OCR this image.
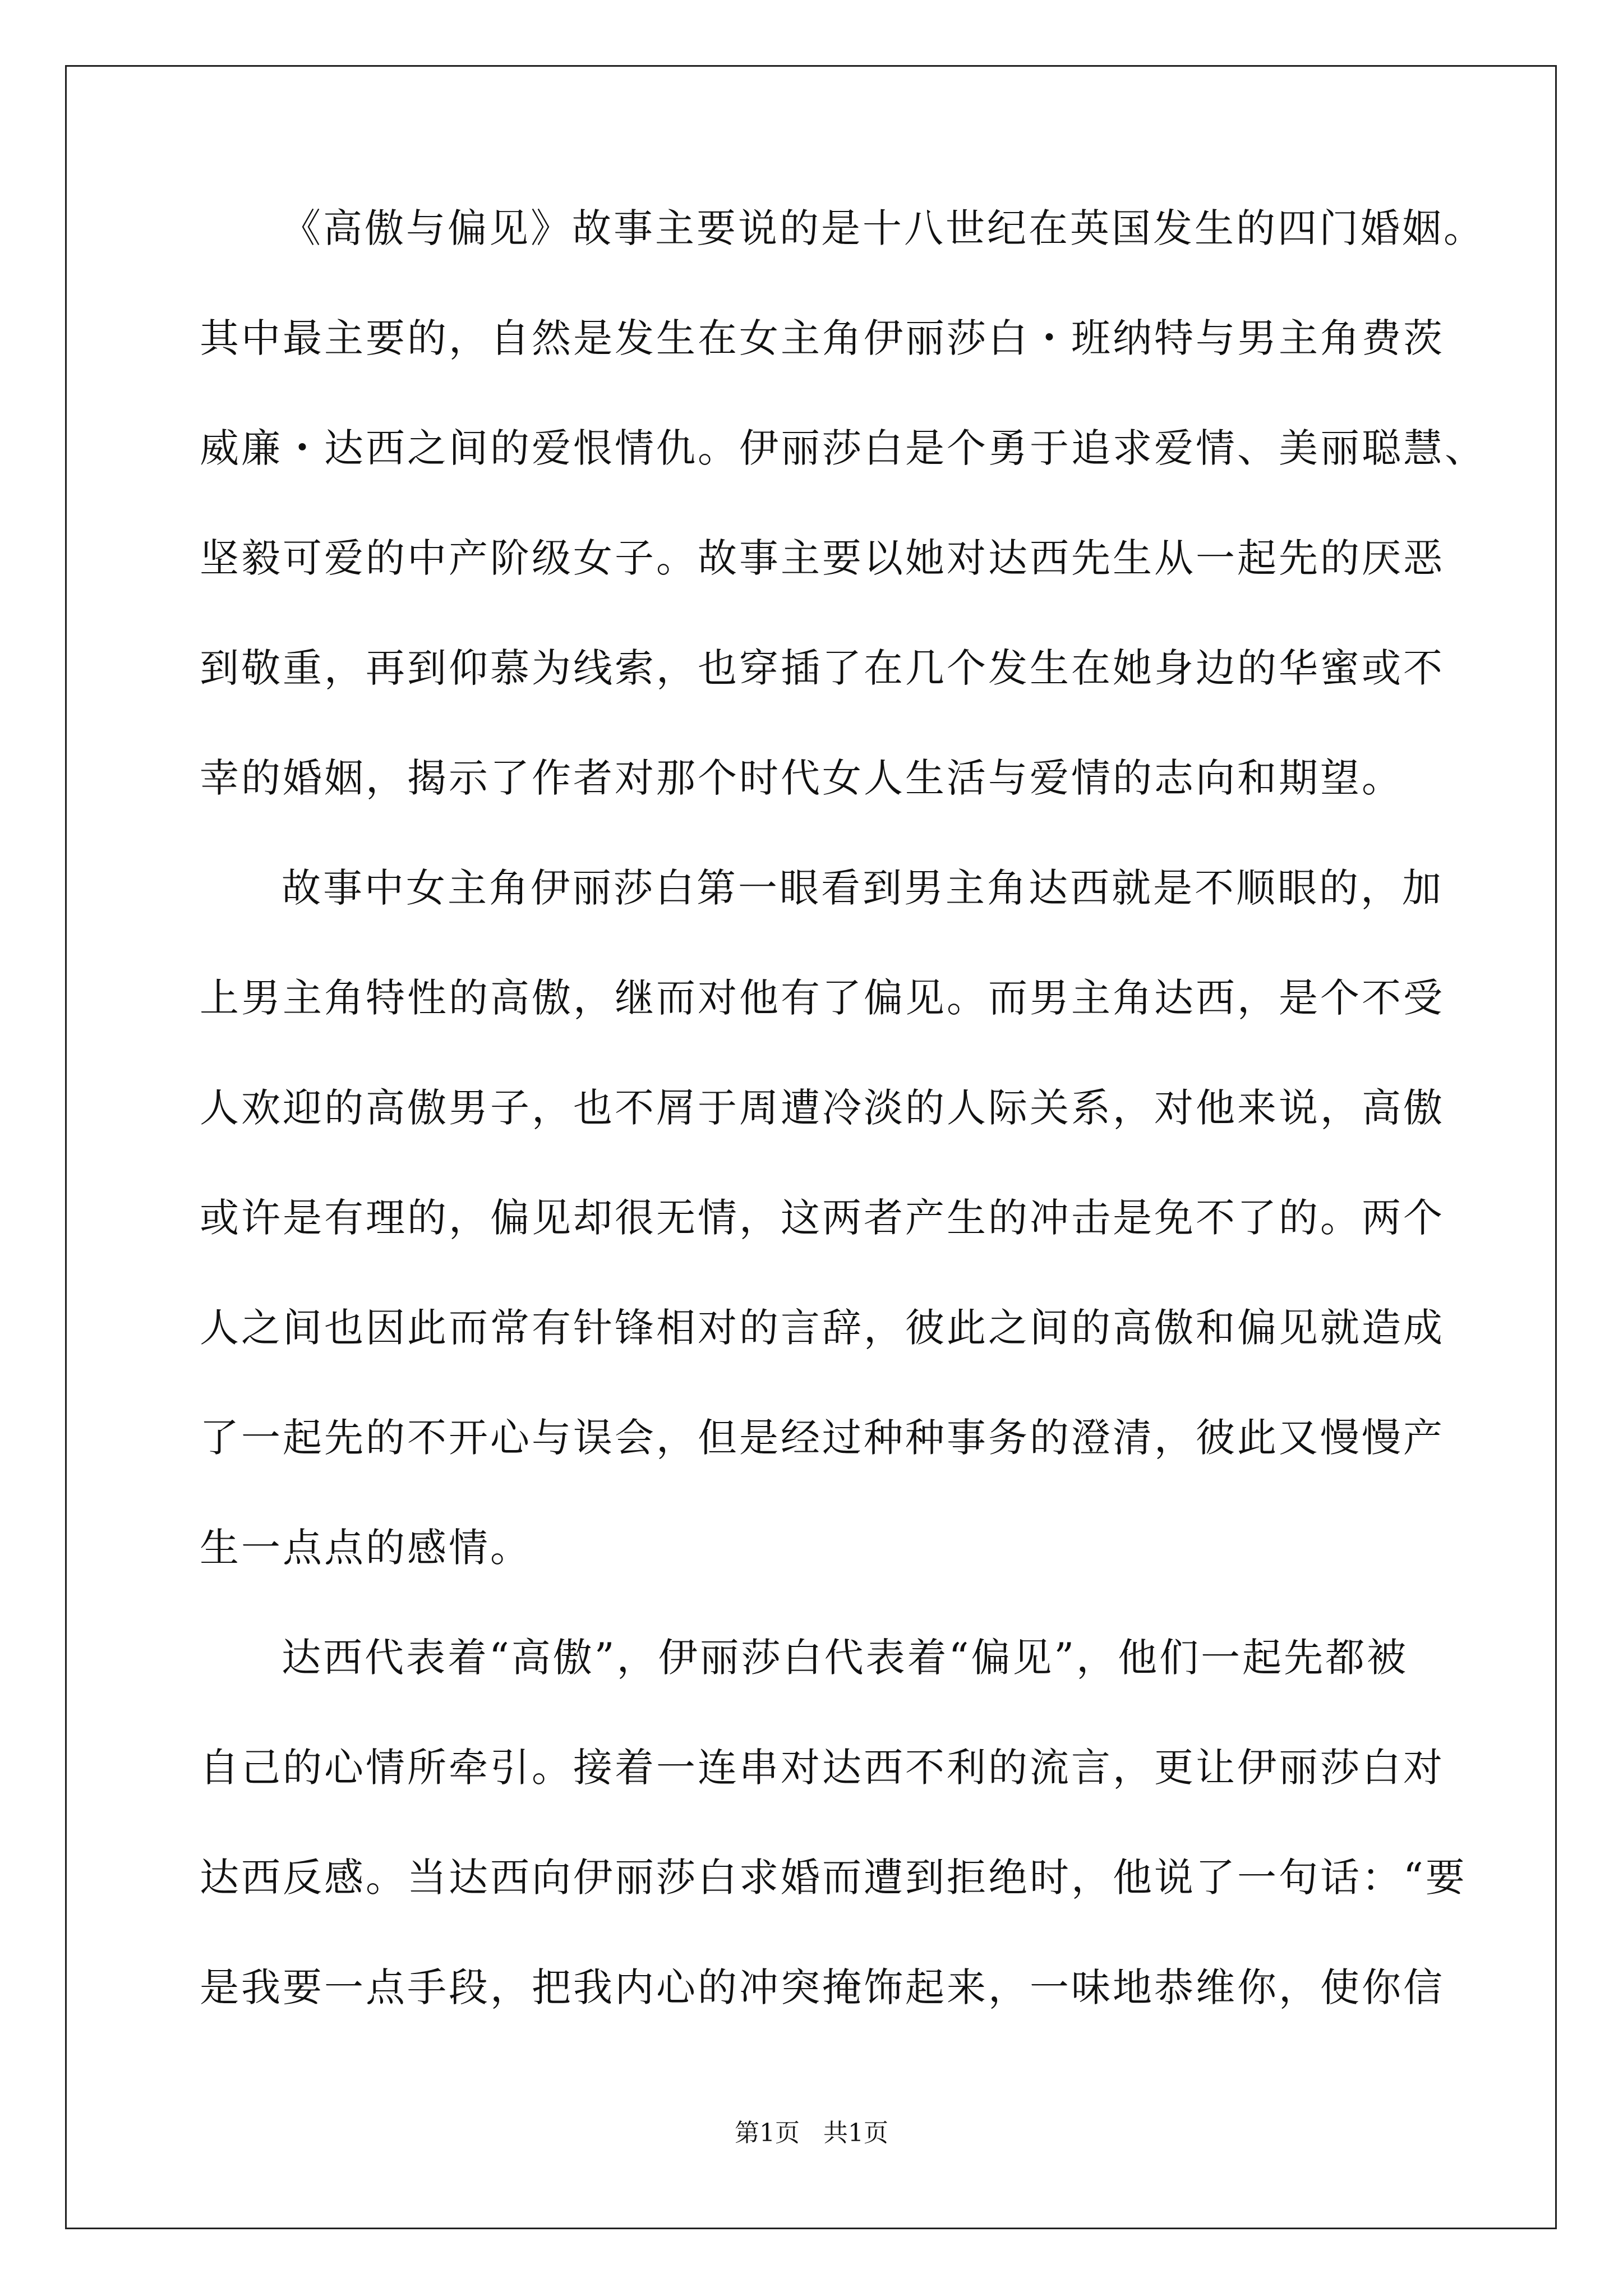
《高傲与偏见》故事主要说的是十八世纪在英国发生的四门婚姻。
其中最主要的，自然是发生在女主角伊丽莎白・班纳特与男主角费茨
威廉・达西之间的爱恨情仇。伊丽莎白是个勇于追求爱情、美丽聪慧、
坚毅可爱的中产阶级女子。故事主要以她对达西先生从一起先的厌恶
到敬重，再到仰慕为线索，也穿插了在几个发生在她身边的华蜜或不
幸的婚姻，揭示了作者对那个时代女人生活与爱情的志向和期望。
故事中女主角伊丽莎白第一眼看到男主角达西就是不顺眼的，加
上男主角特性的高傲，继而对他有了偏见。而男主角达西，是个不受
人欢迎的高傲男子，也不屑于周遭冷淡的人际关系，对他来说，高傲
或许是有理的，偏见却很无情，这两者产生的冲击是免不了的。两个
人之间也因此而常有针锋相对的言辞，彼此之间的高傲和偏见就造成
了一起先的不开心与误会，但是经过种种事务的澄清，彼此又慢慢产
生一点点的感情。
达西代表着“高傲”，伊丽莎白代表着“偏见”，他们一起先都被
自己的心情所牵引。接着一连串对达西不利的流言，更让伊丽莎白对
达西反感。当达西向伊丽莎白求婚而遭到拒绝时，他说了一句话：“要
是我要一点手段，把我内心的冲突掩饰起来，一味地恭维你，使你信
第1页 共1页
